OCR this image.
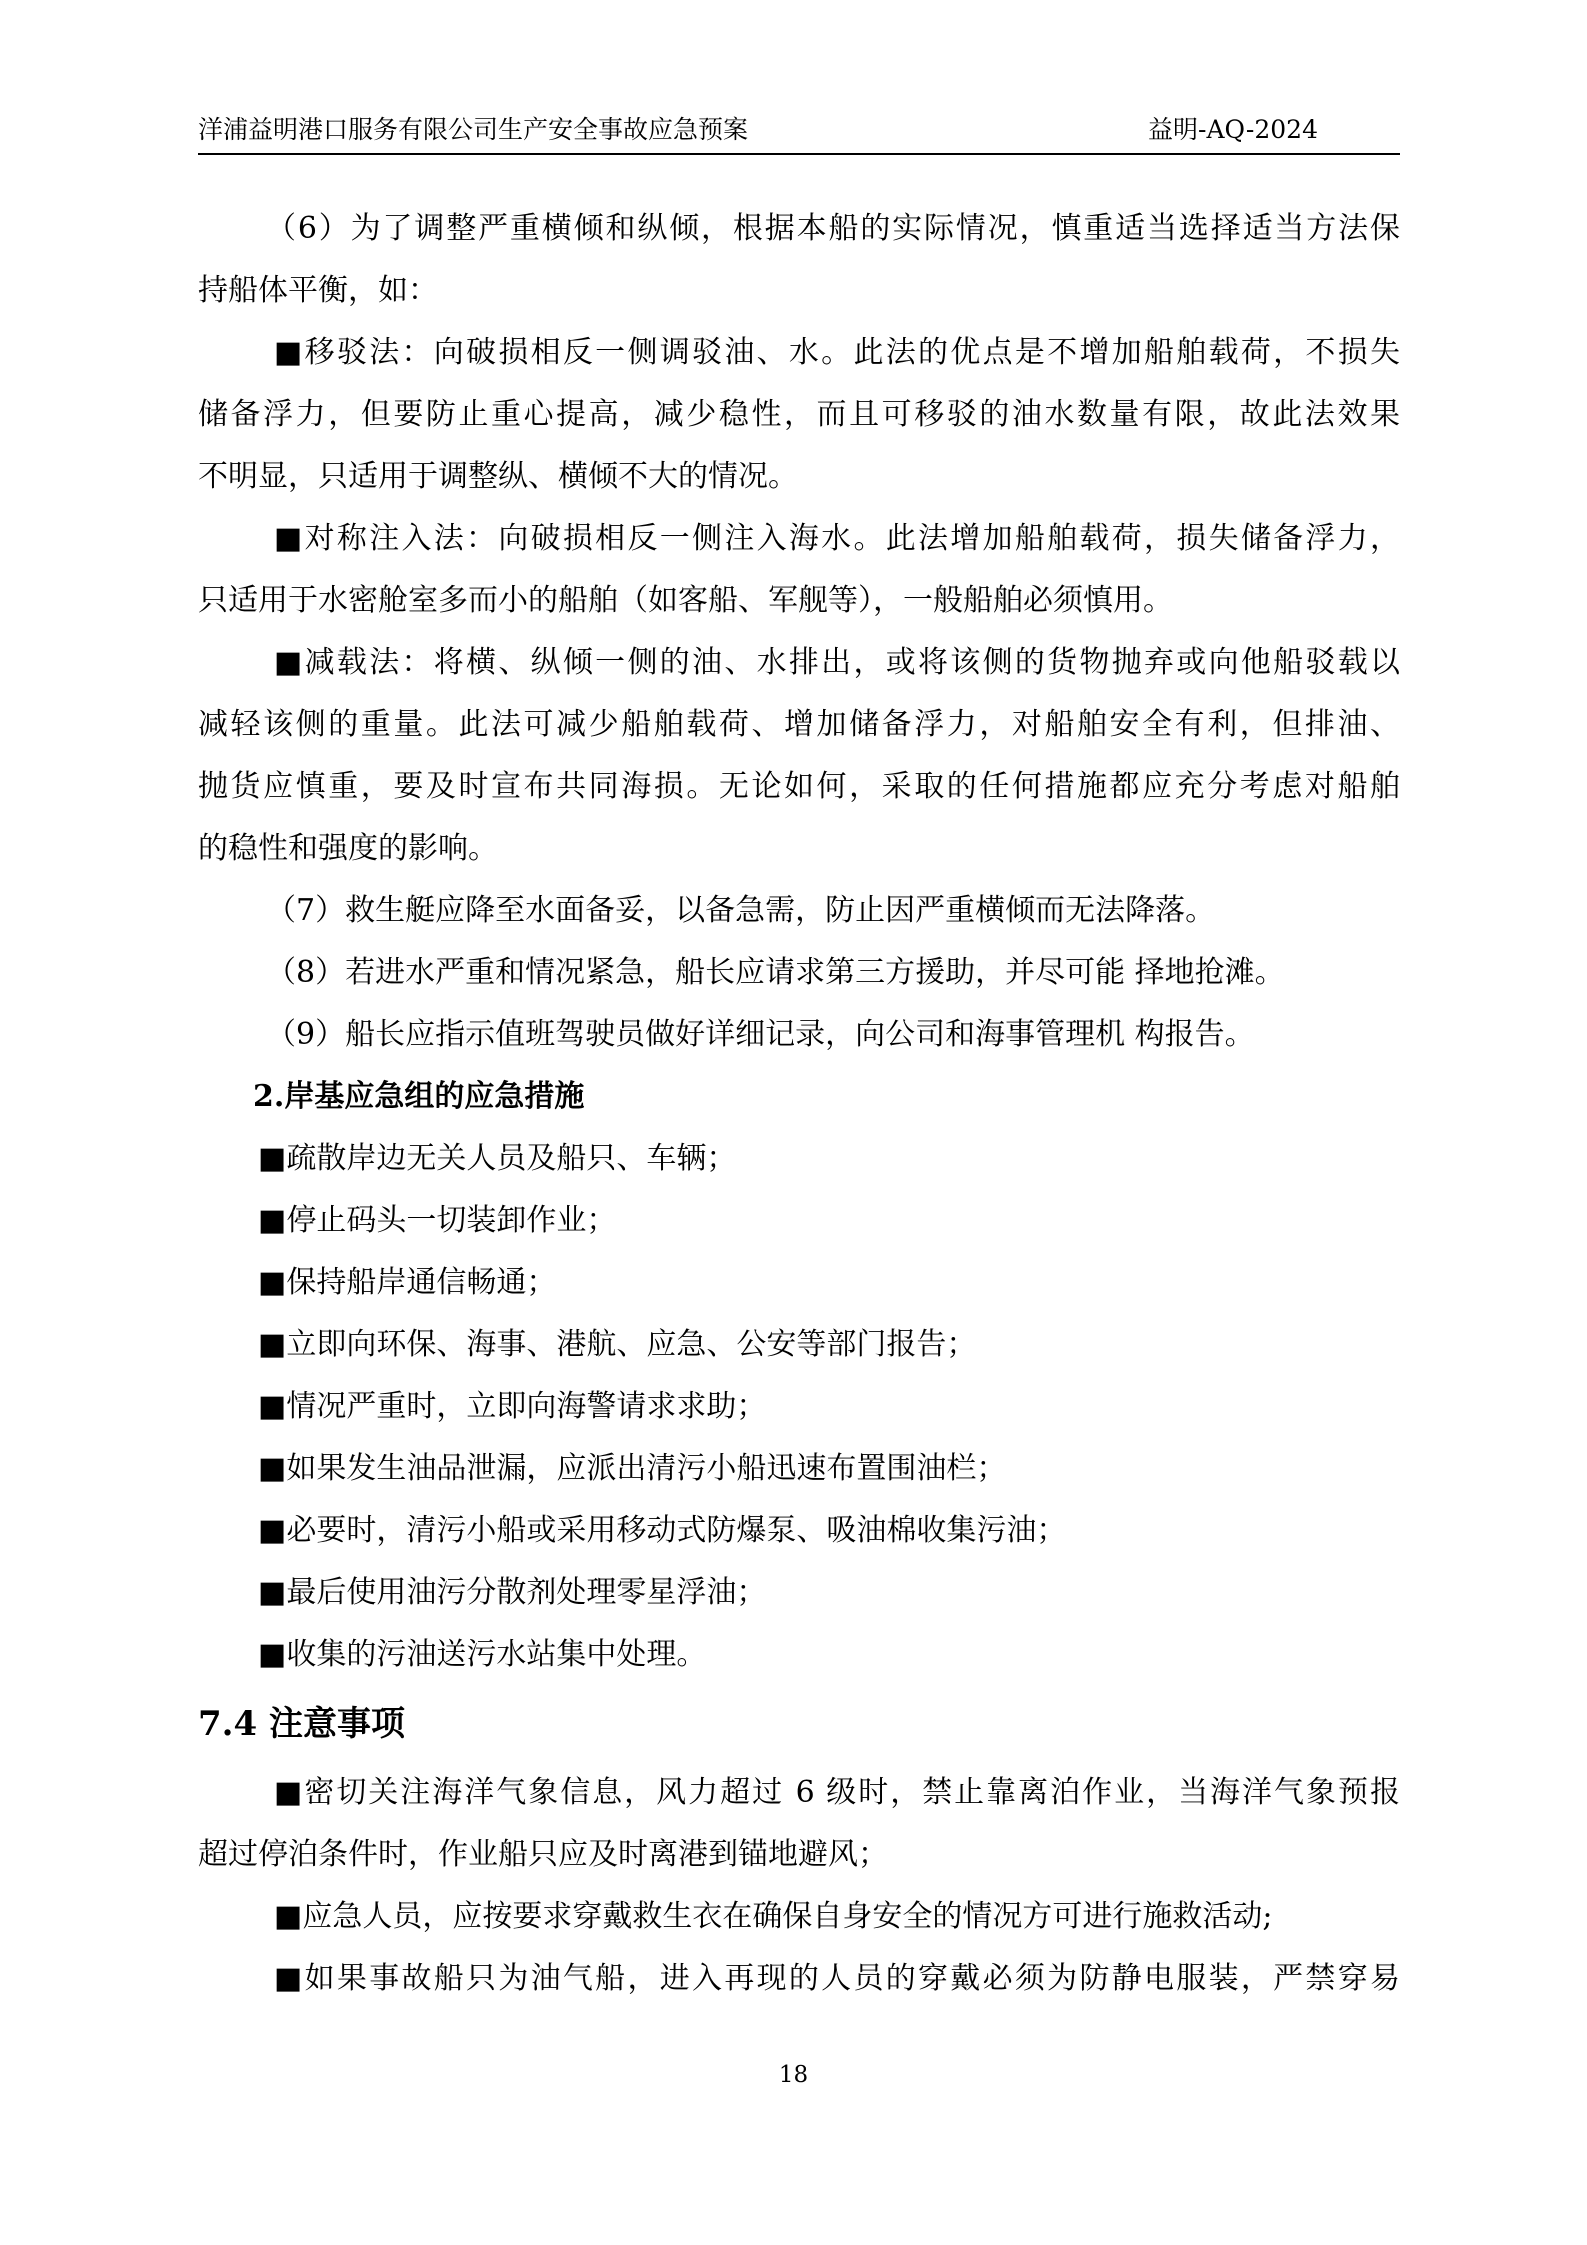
洋浦益明港口服务有限公司生产安全事故应急预案	益明-AQ-2024
（6）为了调整严重横倾和纵倾，根据本船的实际情况，慎重适当选择适当方法保
持船体平衡，如：
■移驳法：向破损相反一侧调驳油、水。此法的优点是不增加船舶载荷，不损失
储备浮力，但要防止重心提高，减少稳性，而且可移驳的油水数量有限，故此法效果
不明显，只适用于调整纵、横倾不大的情况。
■对称注入法：向破损相反一侧注入海水。此法增加船舶载荷，损失储备浮力，
只适用于水密舱室多而小的船舶（如客船、军舰等），一般船舶必须慎用。
■减载法：将横、纵倾一侧的油、水排出，或将该侧的货物抛弃或向他船驳载以
减轻该侧的重量。此法可减少船舶载荷、增加储备浮力，对船舶安全有利，但排油、
抛货应慎重，要及时宣布共同海损。无论如何，采取的任何措施都应充分考虑对船舶
的稳性和强度的影响。
（7）救生艇应降至水面备妥，以备急需，防止因严重横倾而无法降落。
（8）若进水严重和情况紧急，船长应请求第三方援助，并尽可能 择地抢滩。
（9）船长应指示值班驾驶员做好详细记录，向公司和海事管理机 构报告。
2.岸基应急组的应急措施
■疏散岸边无关人员及船只、车辆；
■停止码头一切装卸作业；
■保持船岸通信畅通；
■立即向环保、海事、港航、应急、公安等部门报告；
■情况严重时，立即向海警请求求助；
■如果发生油品泄漏，应派出清污小船迅速布置围油栏；
■必要时，清污小船或采用移动式防爆泵、吸油棉收集污油；
■最后使用油污分散剂处理零星浮油；
■收集的污油送污水站集中处理。
7.4 注意事项
■密切关注海洋气象信息，风力超过 6 级时，禁止靠离泊作业，当海洋气象预报
超过停泊条件时，作业船只应及时离港到锚地避风；
■应急人员，应按要求穿戴救生衣在确保自身安全的情况方可进行施救活动;
■如果事故船只为油气船，进入再现的人员的穿戴必须为防静电服装，严禁穿易
18
